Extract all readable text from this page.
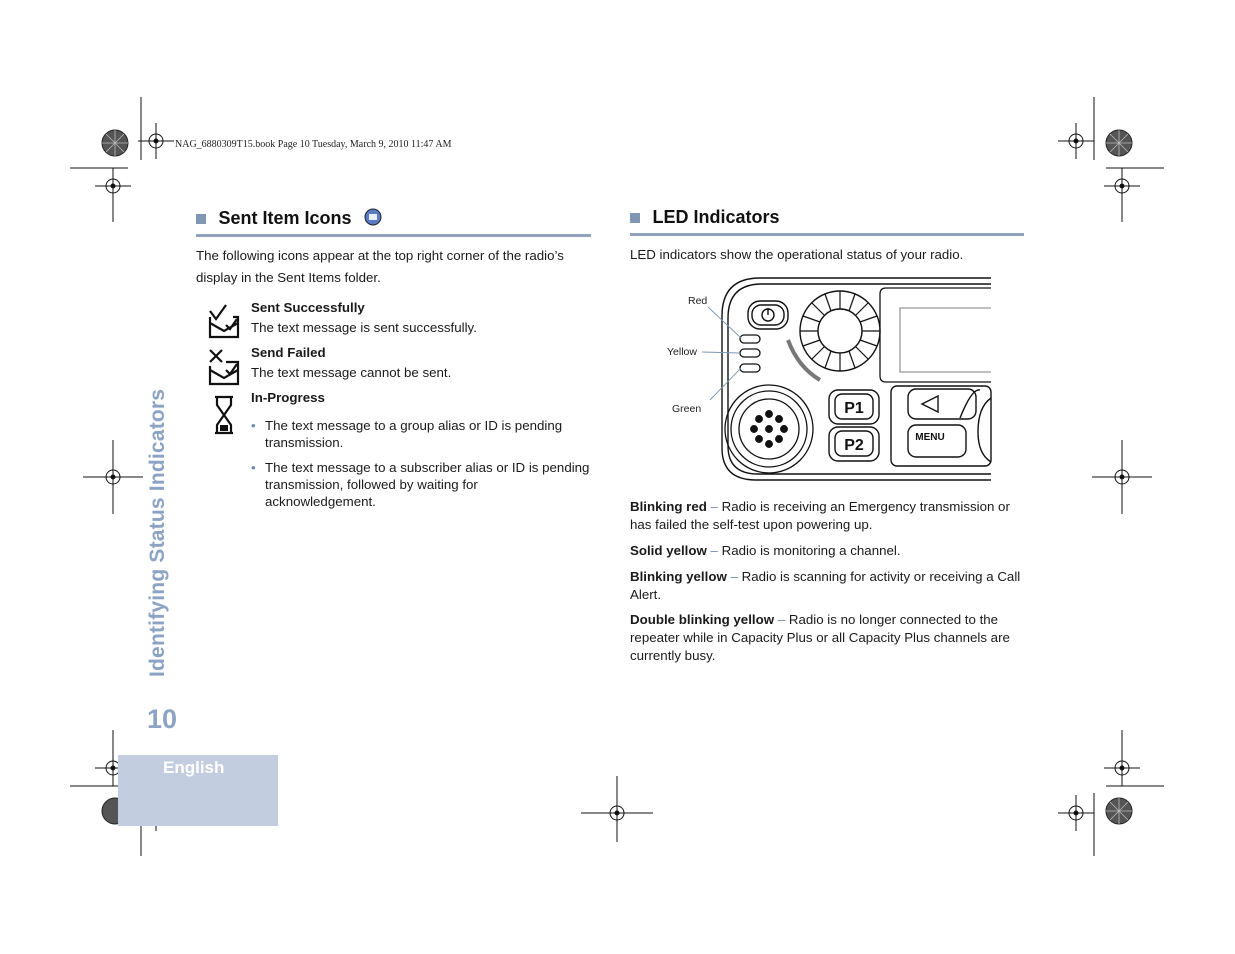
NAG_6880309T15.book Page 10 Tuesday, March 9, 2010 11:47 AM
Sent Item Icons
The following icons appear at the top right corner of the radio’s display in the Sent Items folder.
Sent Successfully
The text message is sent successfully.
Send Failed
The text message cannot be sent.
In-Progress
• The text message to a group alias or ID is pending transmission.
• The text message to a subscriber alias or ID is pending transmission, followed by waiting for acknowledgement.
LED Indicators
LED indicators show the operational status of your radio.
P1
P2	MENU
Red
Yellow
Green
Blinking red – Radio is receiving an Emergency transmission or has failed the self-test upon powering up.
Solid yellow – Radio is monitoring a channel.
Blinking yellow – Radio is scanning for activity or receiving a Call Alert.
Double blinking yellow – Radio is no longer connected to the repeater while in Capacity Plus or all Capacity Plus channels are currently busy.
Identifying Status Indicators
10
English
